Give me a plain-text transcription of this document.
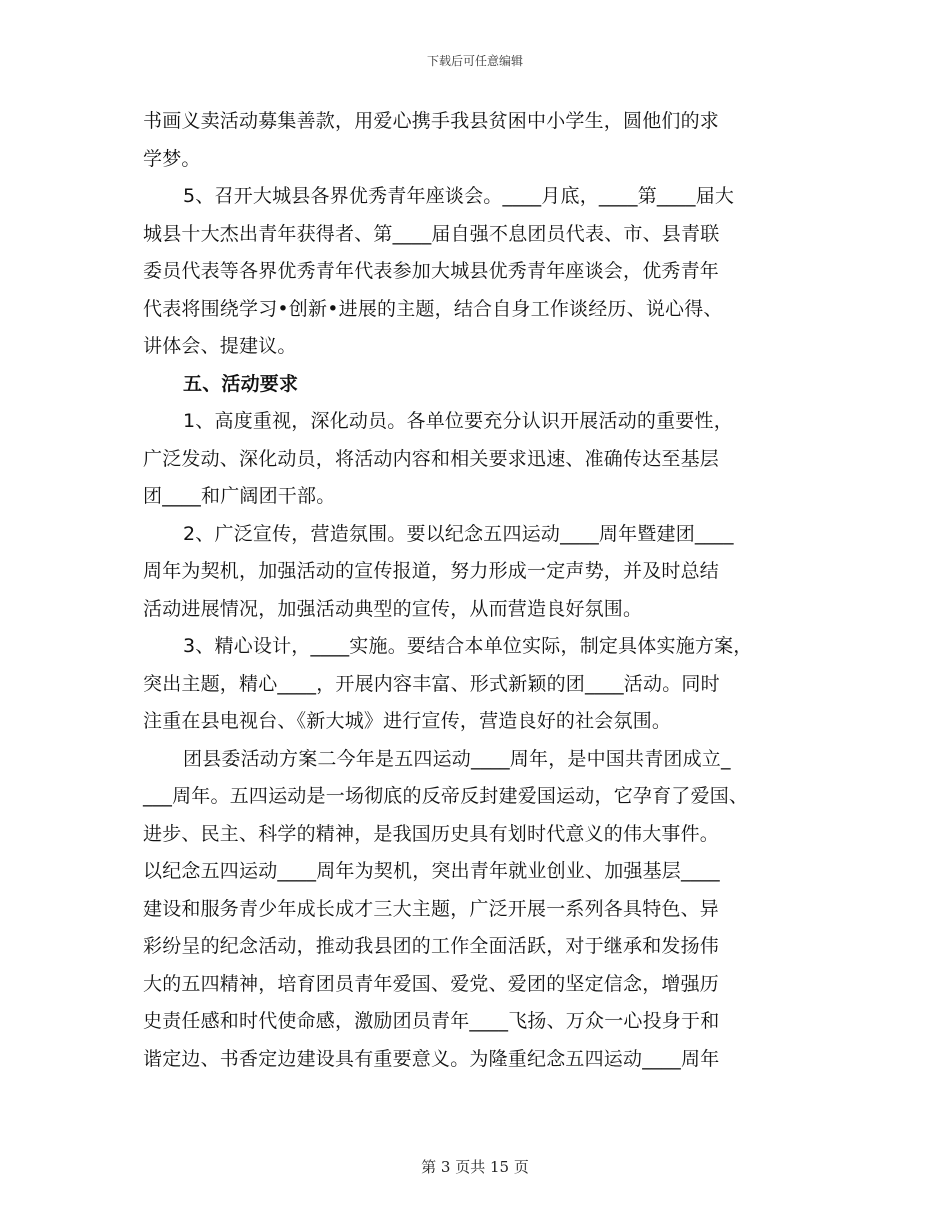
下载后可任意编辑
书画义卖活动募集善款，用爱心携手我县贫困中小学生，圆他们的求
学梦。
5、召开大城县各界优秀青年座谈会。____月底，____第____届大
城县十大杰出青年获得者、第____届自强不息团员代表、市、县青联
委员代表等各界优秀青年代表参加大城县优秀青年座谈会，优秀青年
代表将围绕学习•创新•进展的主题，结合自身工作谈经历、说心得、
讲体会、提建议。
五、活动要求
1、高度重视，深化动员。各单位要充分认识开展活动的重要性，
广泛发动、深化动员，将活动内容和相关要求迅速、准确传达至基层
团____和广阔团干部。
2、广泛宣传，营造氛围。要以纪念五四运动____周年暨建团____
周年为契机，加强活动的宣传报道，努力形成一定声势，并及时总结
活动进展情况，加强活动典型的宣传，从而营造良好氛围。
3、精心设计，____实施。要结合本单位实际，制定具体实施方案，
突出主题，精心____，开展内容丰富、形式新颖的团____活动。同时
注重在县电视台、《新大城》进行宣传，营造良好的社会氛围。
团县委活动方案二今年是五四运动____周年，是中国共青团成立_
___周年。五四运动是一场彻底的反帝反封建爱国运动，它孕育了爱国、
进步、民主、科学的精神，是我国历史具有划时代意义的伟大事件。
以纪念五四运动____周年为契机，突出青年就业创业、加强基层____
建设和服务青少年成长成才三大主题，广泛开展一系列各具特色、异
彩纷呈的纪念活动，推动我县团的工作全面活跃，对于继承和发扬伟
大的五四精神，培育团员青年爱国、爱党、爱团的坚定信念，增强历
史责任感和时代使命感，激励团员青年____飞扬、万众一心投身于和
谐定边、书香定边建设具有重要意义。为隆重纪念五四运动____周年
第 3 页共 15 页
